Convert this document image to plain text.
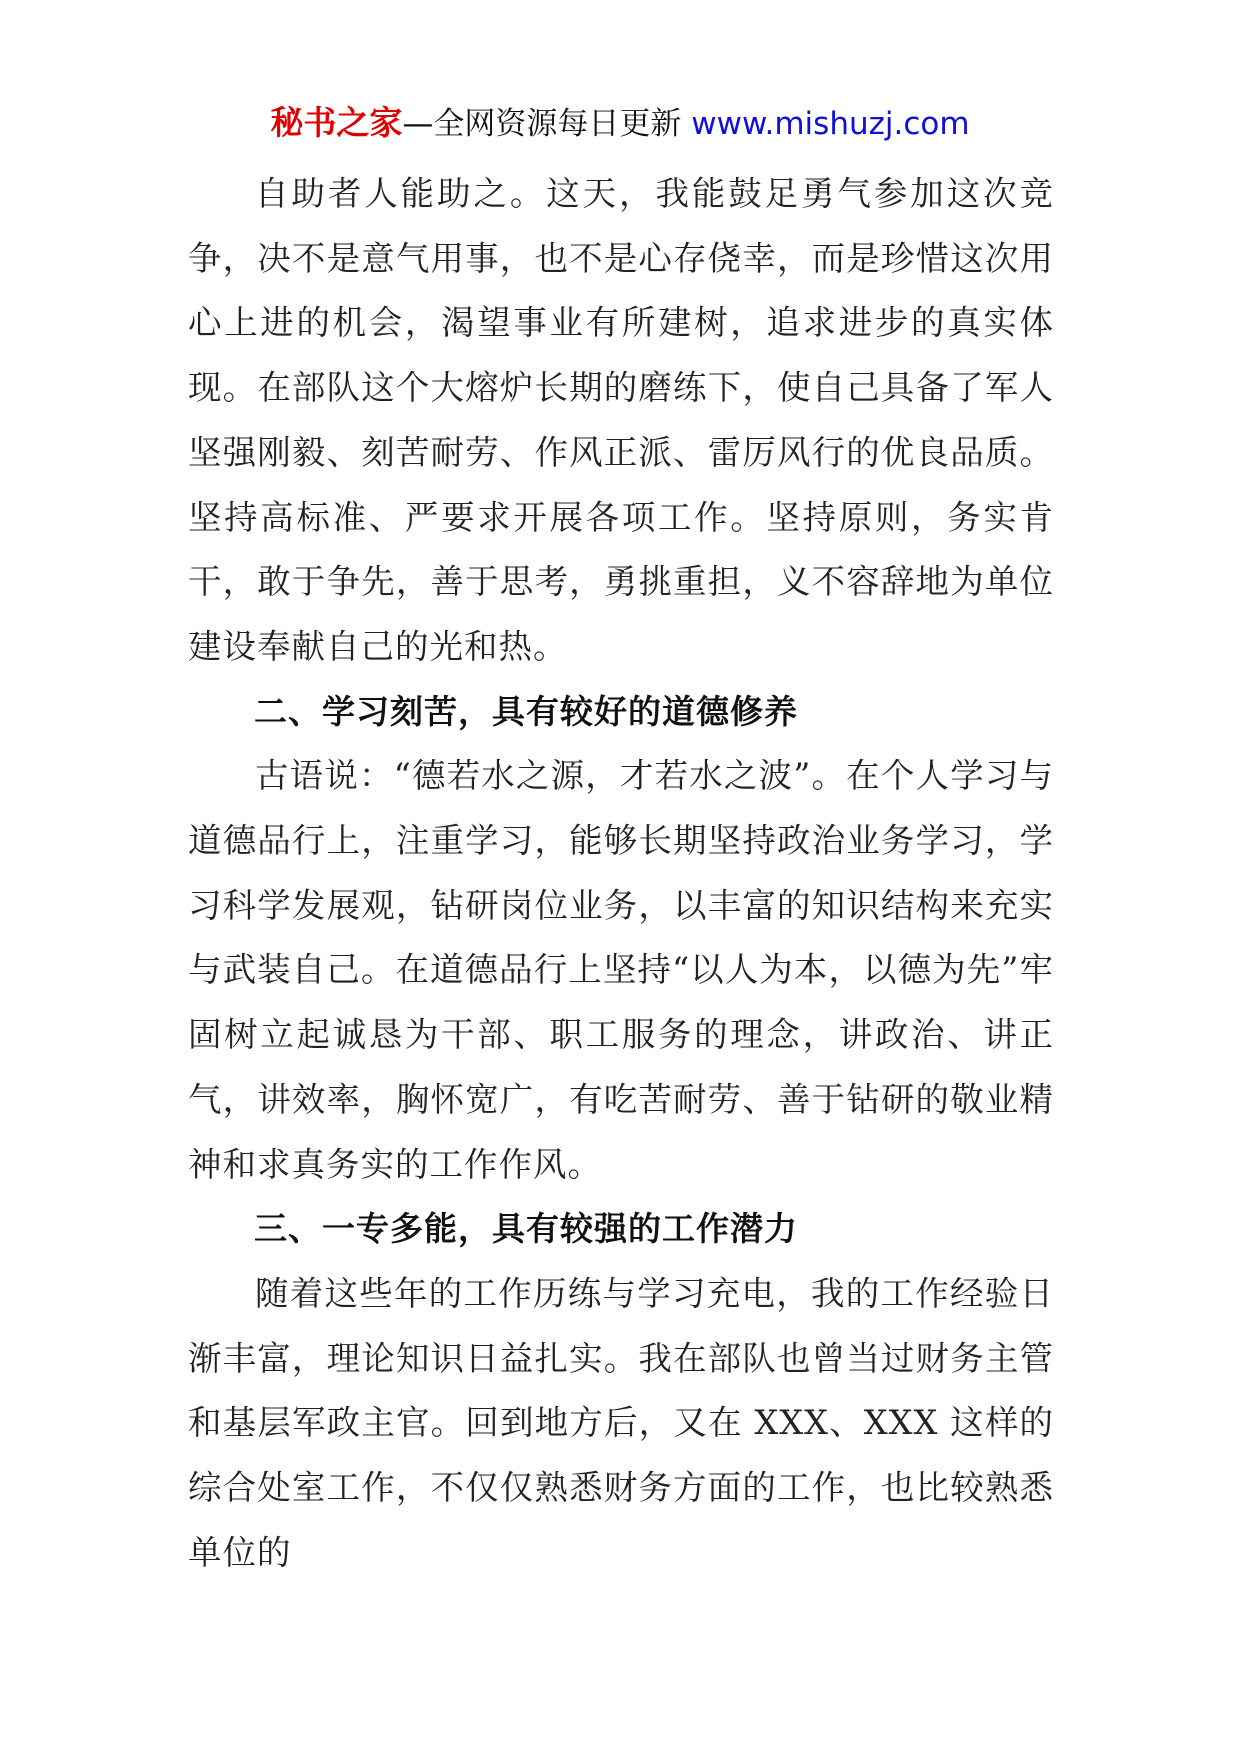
秘书之家—全网资源每日更新 www.mishuzj.com

自助者人能助之。这天，我能鼓足勇气参加这次竞争，决不是意气用事，也不是心存侥幸，而是珍惜这次用心上进的机会，渴望事业有所建树，追求进步的真实体现。在部队这个大熔炉长期的磨练下，使自己具备了军人坚强刚毅、刻苦耐劳、作风正派、雷厉风行的优良品质。坚持高标准、严要求开展各项工作。坚持原则，务实肯干，敢于争先，善于思考，勇挑重担，义不容辞地为单位建设奉献自己的光和热。

二、学习刻苦，具有较好的道德修养

古语说：“德若水之源，才若水之波”。在个人学习与道德品行上，注重学习，能够长期坚持政治业务学习，学习科学发展观，钻研岗位业务，以丰富的知识结构来充实与武装自己。在道德品行上坚持“以人为本，以德为先”牢固树立起诚恳为干部、职工服务的理念，讲政治、讲正气，讲效率，胸怀宽广，有吃苦耐劳、善于钻研的敬业精神和求真务实的工作作风。

三、一专多能，具有较强的工作潜力

随着这些年的工作历练与学习充电，我的工作经验日渐丰富，理论知识日益扎实。我在部队也曾当过财务主管和基层军政主官。回到地方后，又在 XXX、XXX 这样的综合处室工作，不仅仅熟悉财务方面的工作，也比较熟悉单位的
